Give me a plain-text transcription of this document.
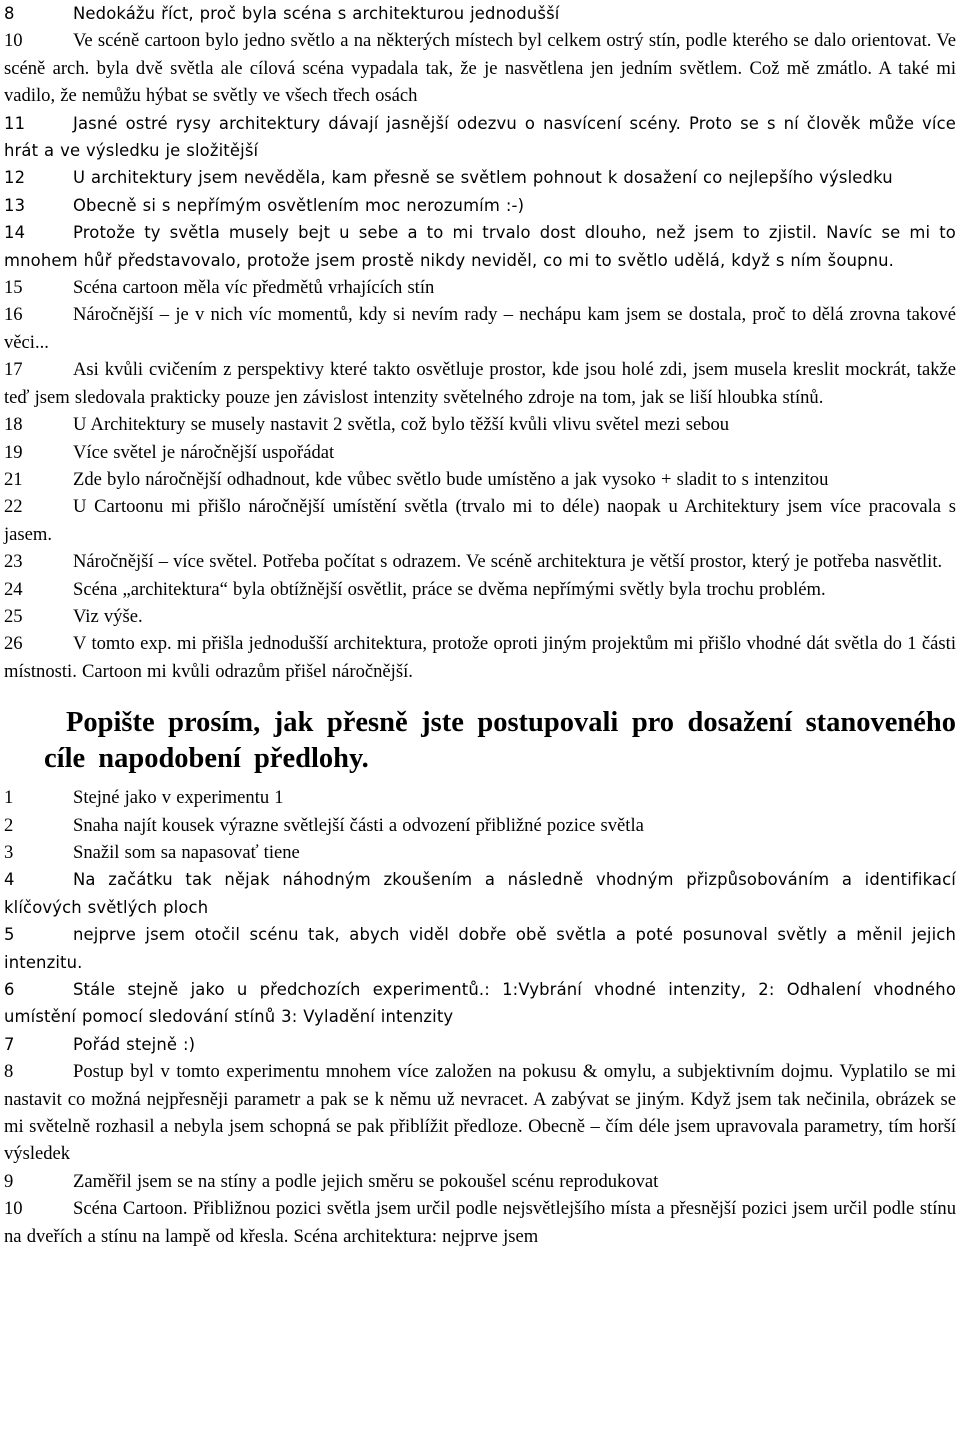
8	Nedokážu říct, proč byla scéna s architekturou jednodušší

10	Ve scéně cartoon bylo jedno světlo a na některých místech byl celkem ostrý stín, podle kterého se dalo orientovat. Ve scéně arch. byla dvě světla ale cílová scéna vypadala tak, že je nasvětlena jen jedním světlem. Což mě zmátlo. A také mi vadilo, že nemůžu hýbat se světly ve všech třech osách

11	Jasné ostré rysy architektury dávají jasnější odezvu o nasvícení scény. Proto se s ní člověk může více hrát a ve výsledku je složitější

12	U architektury jsem nevěděla, kam přesně se světlem pohnout k dosažení co nejlepšího výsledku

13	Obecně si s nepřímým osvětlením moc nerozumím :-)

14	Protože ty světla musely bejt u sebe a to mi trvalo dost dlouho, než jsem to zjistil. Navíc se mi to mnohem hůř představovalo, protože jsem prostě nikdy neviděl, co mi to světlo udělá, když s ním šoupnu.

15	Scéna cartoon měla víc předmětů vrhajících stín

16	Náročnější – je v nich víc momentů, kdy si nevím rady – nechápu kam jsem se dostala, proč to dělá zrovna takové věci...

17	Asi kvůli cvičením z perspektivy které takto osvětluje prostor, kde jsou holé zdi, jsem musela kreslit mockrát, takže teď jsem sledovala prakticky pouze jen závislost intenzity světelného zdroje na tom, jak se liší hloubka stínů.

18	U Architektury se musely nastavit 2 světla, což bylo těžší kvůli vlivu světel mezi sebou

19	Více světel je náročnější uspořádat

21	Zde bylo náročnější odhadnout, kde vůbec světlo bude umístěno a jak vysoko + sladit to s intenzitou

22	U Cartoonu mi přišlo náročnější umístění světla (trvalo mi to déle) naopak u Architektury jsem více pracovala s jasem.

23	Náročnější – více světel. Potřeba počítat s odrazem. Ve scéně architektura je větší prostor, který je potřeba nasvětlit.

24	Scéna „architektura“ byla obtížnější osvětlit, práce se dvěma nepřímými světly byla trochu problém.

25	Viz výše.

26	V tomto exp. mi přišla jednodušší architektura, protože oproti jiným projektům mi přišlo vhodné dát světla do 1 části místnosti. Cartoon mi kvůli odrazům přišel náročnější.

Popište prosím, jak přesně jste postupovali pro dosažení stanoveného cíle napodobení předlohy.

1	Stejné jako v experimentu 1

2	Snaha najít kousek výrazne světlejší části a odvození přibližné pozice světla

3	Snažil som sa napasovať tiene

4	Na začátku tak nějak náhodným zkoušením a následně vhodným přizpůsobováním a identifikací klíčových světlých ploch

5	nejprve jsem otočil scénu tak, abych viděl dobře obě světla a poté posunoval světly a měnil jejich intenzitu.

6	Stále stejně jako u předchozích experimentů.: 1:Vybrání vhodné intenzity, 2: Odhalení vhodného umístění pomocí sledování stínů 3: Vyladění intenzity

7	Pořád stejně :)

8	Postup byl v tomto experimentu mnohem více založen na pokusu & omylu, a subjektivním dojmu. Vyplatilo se mi nastavit co možná nejpřesněji parametr a pak se k němu už nevracet. A zabývat se jiným. Když jsem tak nečinila, obrázek se mi světelně rozhasil a nebyla jsem schopná se pak přiblížit předloze. Obecně – čím déle jsem upravovala parametry, tím horší výsledek

9	Zaměřil jsem se na stíny a podle jejich směru se pokoušel scénu reprodukovat

10	Scéna Cartoon. Přibližnou pozici světla jsem určil podle nejsvětlejšího místa a přesnější pozici jsem určil podle stínu na dveřích a stínu na lampě od křesla. Scéna architektura: nejprve jsem
